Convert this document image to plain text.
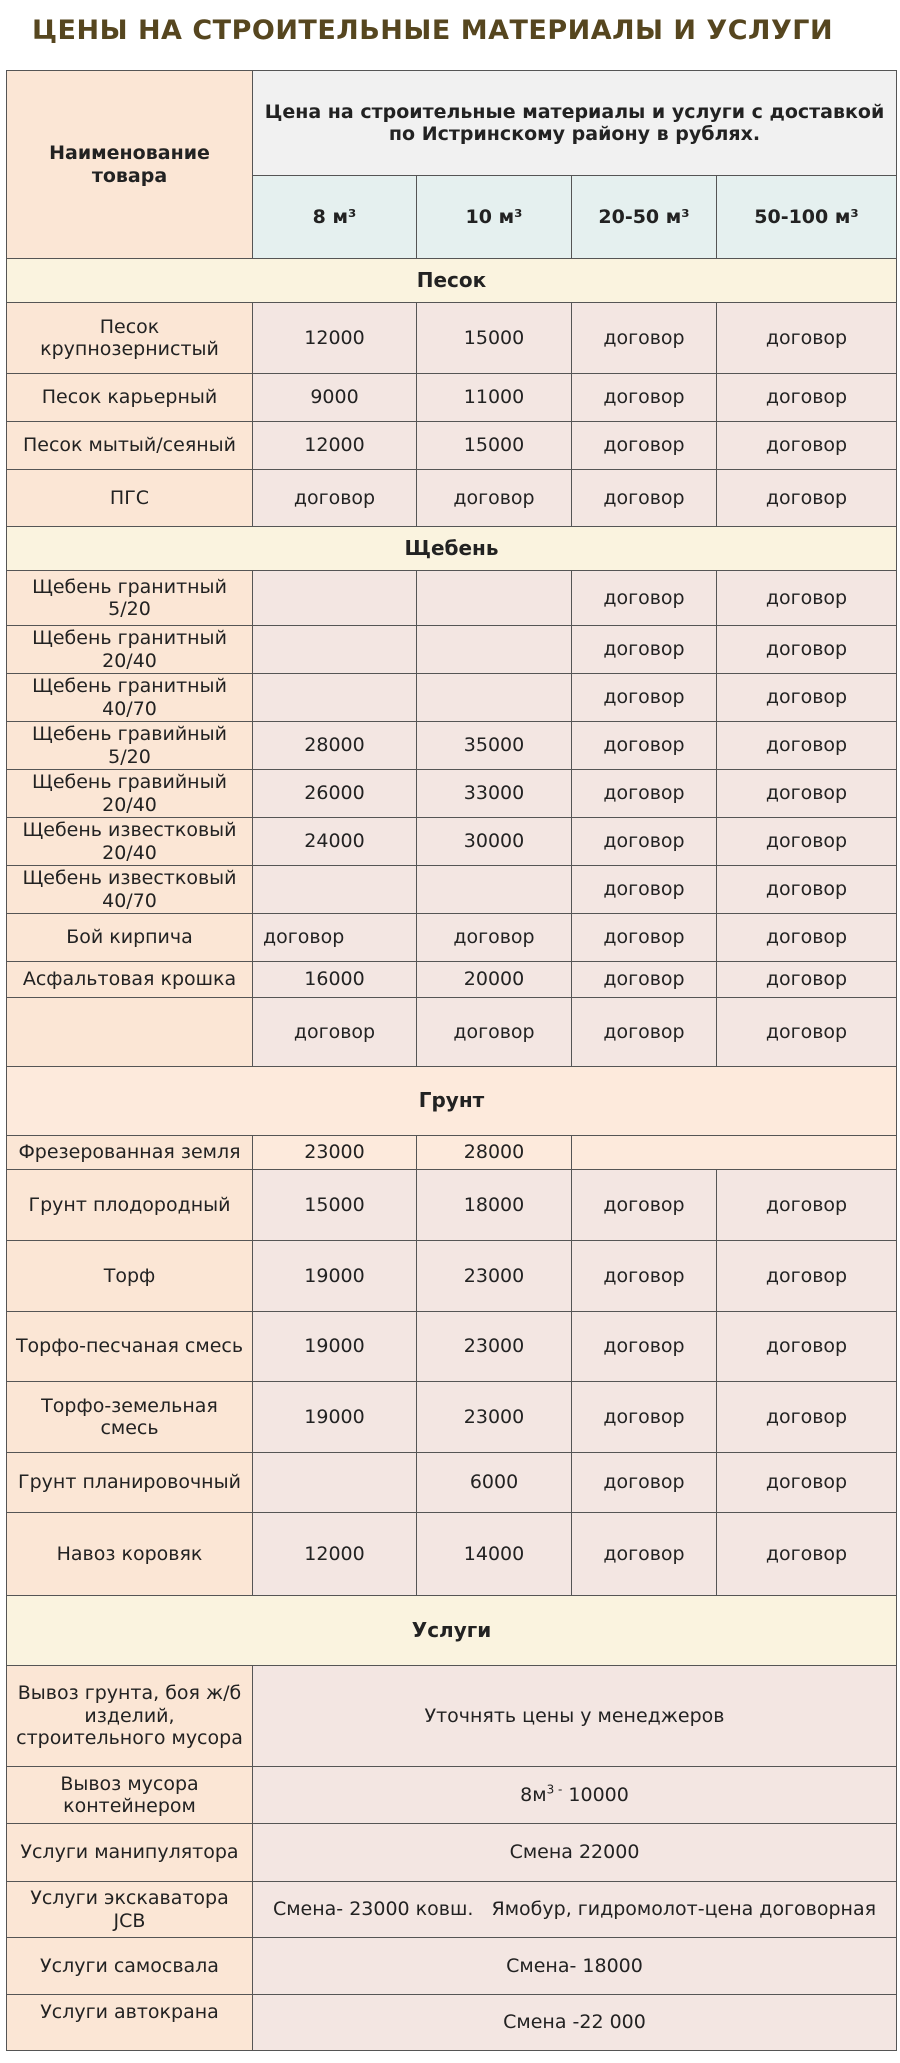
ЦЕНЫ НА СТРОИТЕЛЬНЫЕ МАТЕРИАЛЫ И УСЛУГИ
Наименование товара	Цена на строительные материалы и услуги с доставкой по Истринскому району в рублях.			
	8 м³	10 м³	20-50 м³	50-100 м³
Песок				
Песок крупнозернистый	12000	15000	договор	договор
Песок карьерный	9000	11000	договор	договор
Песок мытый/сеяный	12000	15000	договор	договор
ПГС	договор	договор	договор	договор
Щебень				
Щебень гранитный 5/20			договор	договор
Щебень гранитный 20/40			договор	договор
Щебень гранитный 40/70			договор	договор
Щебень гравийный 5/20	28000	35000	договор	договор
Щебень гравийный 20/40	26000	33000	договор	договор
Щебень известковый 20/40	24000	30000	договор	договор
Щебень известковый 40/70			договор	договор
Бой кирпича	договор	договор	договор	договор
Асфальтовая крошка	16000	20000	договор	договор
	договор	договор	договор	договор
Грунт				
Фрезерованная земля	23000	28000		
Грунт плодородный	15000	18000	договор	договор
Торф	19000	23000	договор	договор
Торфо-песчаная смесь	19000	23000	договор	договор
Торфо-земельная смесь	19000	23000	договор	договор
Грунт планировочный		6000	договор	договор
Навоз коровяк	12000	14000	договор	договор
Услуги				
Вывоз грунта, боя ж/б изделий, строительного мусора	Уточнять цены у менеджеров			
Вывоз мусора контейнером	$8м^{3 -}$ 10000			
Услуги манипулятора	Смена 22000			
Услуги экскаватора JCB	Смена- 23000 ковш.   Ямобур, гидромолот-цена договорная			
Услуги самосвала	Смена- 18000			
Услуги автокрана	Смена -22 000			
